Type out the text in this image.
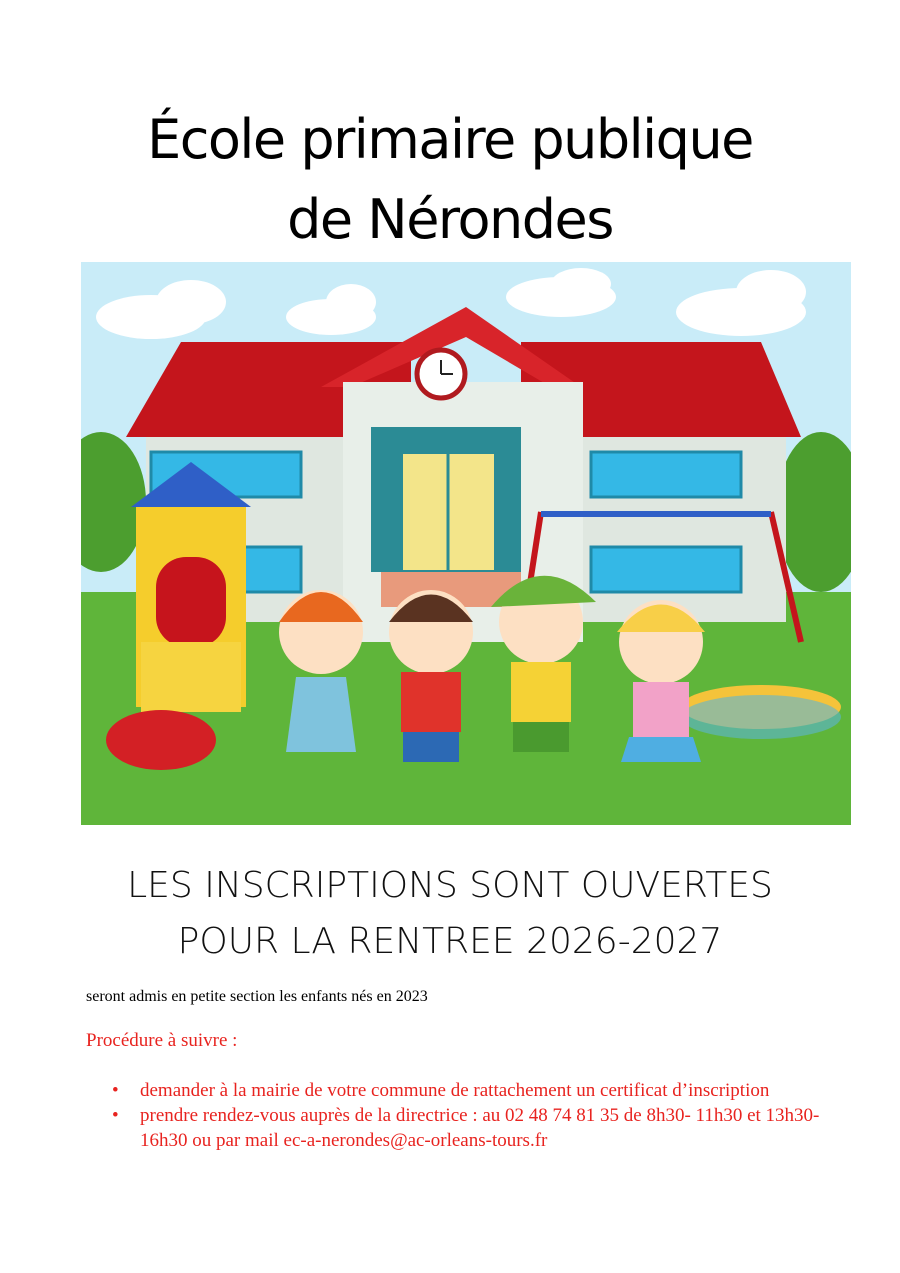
École primaire publique
de Nérondes
LES INSCRIPTIONS SONT OUVERTES
POUR LA RENTREE 2026-2027
seront admis en petite section les enfants nés en 2023
Procédure à suivre :
• demander à la mairie de votre commune de rattachement un certificat d’inscription
• prendre rendez-vous auprès de la directrice : au 02 48 74 81 35 de 8h30- 11h30 et 13h30-16h30 ou par mail ec-a-nerondes@ac-orleans-tours.fr
